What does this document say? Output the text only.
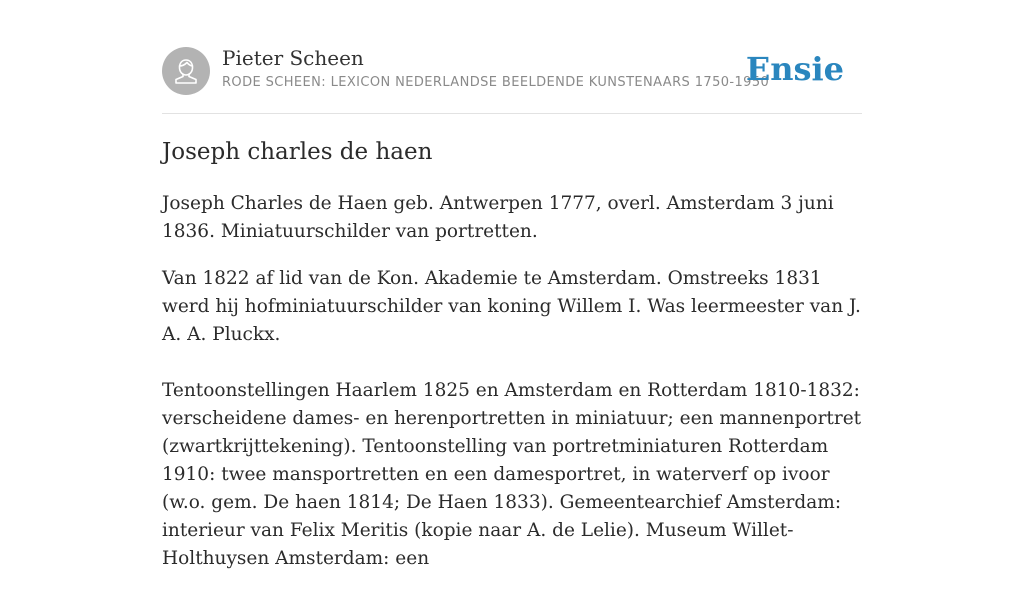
Pieter Scheen
RODE SCHEEN: LEXICON NEDERLANDSE BEELDENDE KUNSTENAARS 1750-1950
Ensie
Joseph charles de haen

Joseph Charles de Haen geb. Antwerpen 1777, overl. Amsterdam 3 juni 1836. Miniatuurschilder van portretten.

Van 1822 af lid van de Kon. Akademie te Amsterdam. Omstreeks 1831 werd hij hofminiatuurschilder van koning Willem I. Was leermeester van J. A. A. Pluckx.

Tentoonstellingen Haarlem 1825 en Amsterdam en Rotterdam 1810-1832: verscheidene dames- en herenportretten in miniatuur; een mannenportret (zwartkrijttekening). Tentoonstelling van portretminiaturen Rotterdam 1910: twee mansportretten en een damesportret, in waterverf op ivoor (w.o. gem. De haen 1814; De Haen 1833). Gemeentearchief Amsterdam: interieur van Felix Meritis (kopie naar A. de Lelie). Museum Willet-Holthuysen Amsterdam: een
